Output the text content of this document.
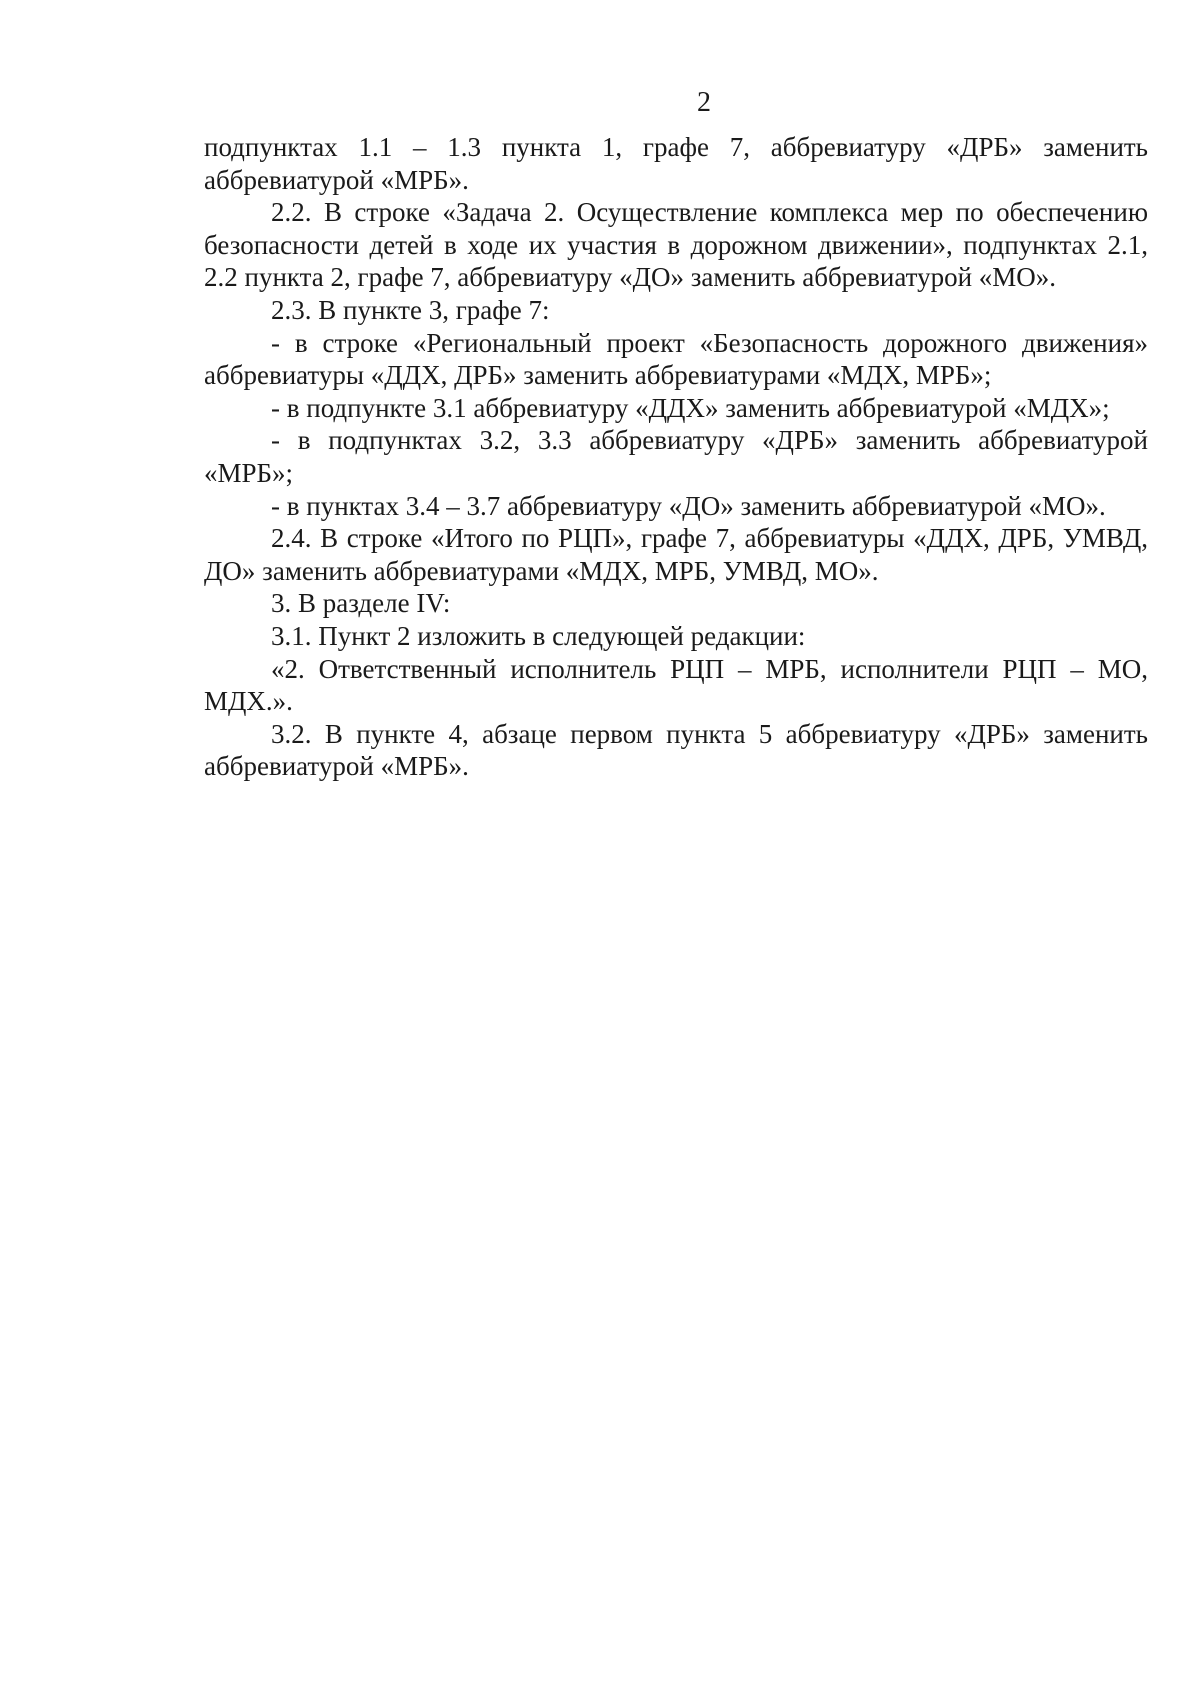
2

подпунктах 1.1 – 1.3 пункта 1, графе 7, аббревиатуру «ДРБ» заменить аббревиатурой «МРБ».

2.2. В строке «Задача 2. Осуществление комплекса мер по обеспечению безопасности детей в ходе их участия в дорожном движении», подпунктах 2.1, 2.2 пункта 2, графе 7, аббревиатуру «ДО» заменить аббревиатурой «МО».

2.3. В пункте 3, графе 7:

- в строке «Региональный проект «Безопасность дорожного движения» аббревиатуры «ДДХ, ДРБ» заменить аббревиатурами «МДХ, МРБ»;

- в подпункте 3.1 аббревиатуру «ДДХ» заменить аббревиатурой «МДХ»;

- в подпунктах 3.2, 3.3 аббревиатуру «ДРБ» заменить аббревиатурой «МРБ»;

- в пунктах 3.4 – 3.7 аббревиатуру «ДО» заменить аббревиатурой «МО».

2.4. В строке «Итого по РЦП», графе 7, аббревиатуры «ДДХ, ДРБ, УМВД, ДО» заменить аббревиатурами «МДХ, МРБ, УМВД, МО».

3. В разделе IV:

3.1. Пункт 2 изложить в следующей редакции:

«2. Ответственный исполнитель РЦП – МРБ, исполнители РЦП – МО, МДХ.».

3.2. В пункте 4, абзаце первом пункта 5 аббревиатуру «ДРБ» заменить аббревиатурой «МРБ».
